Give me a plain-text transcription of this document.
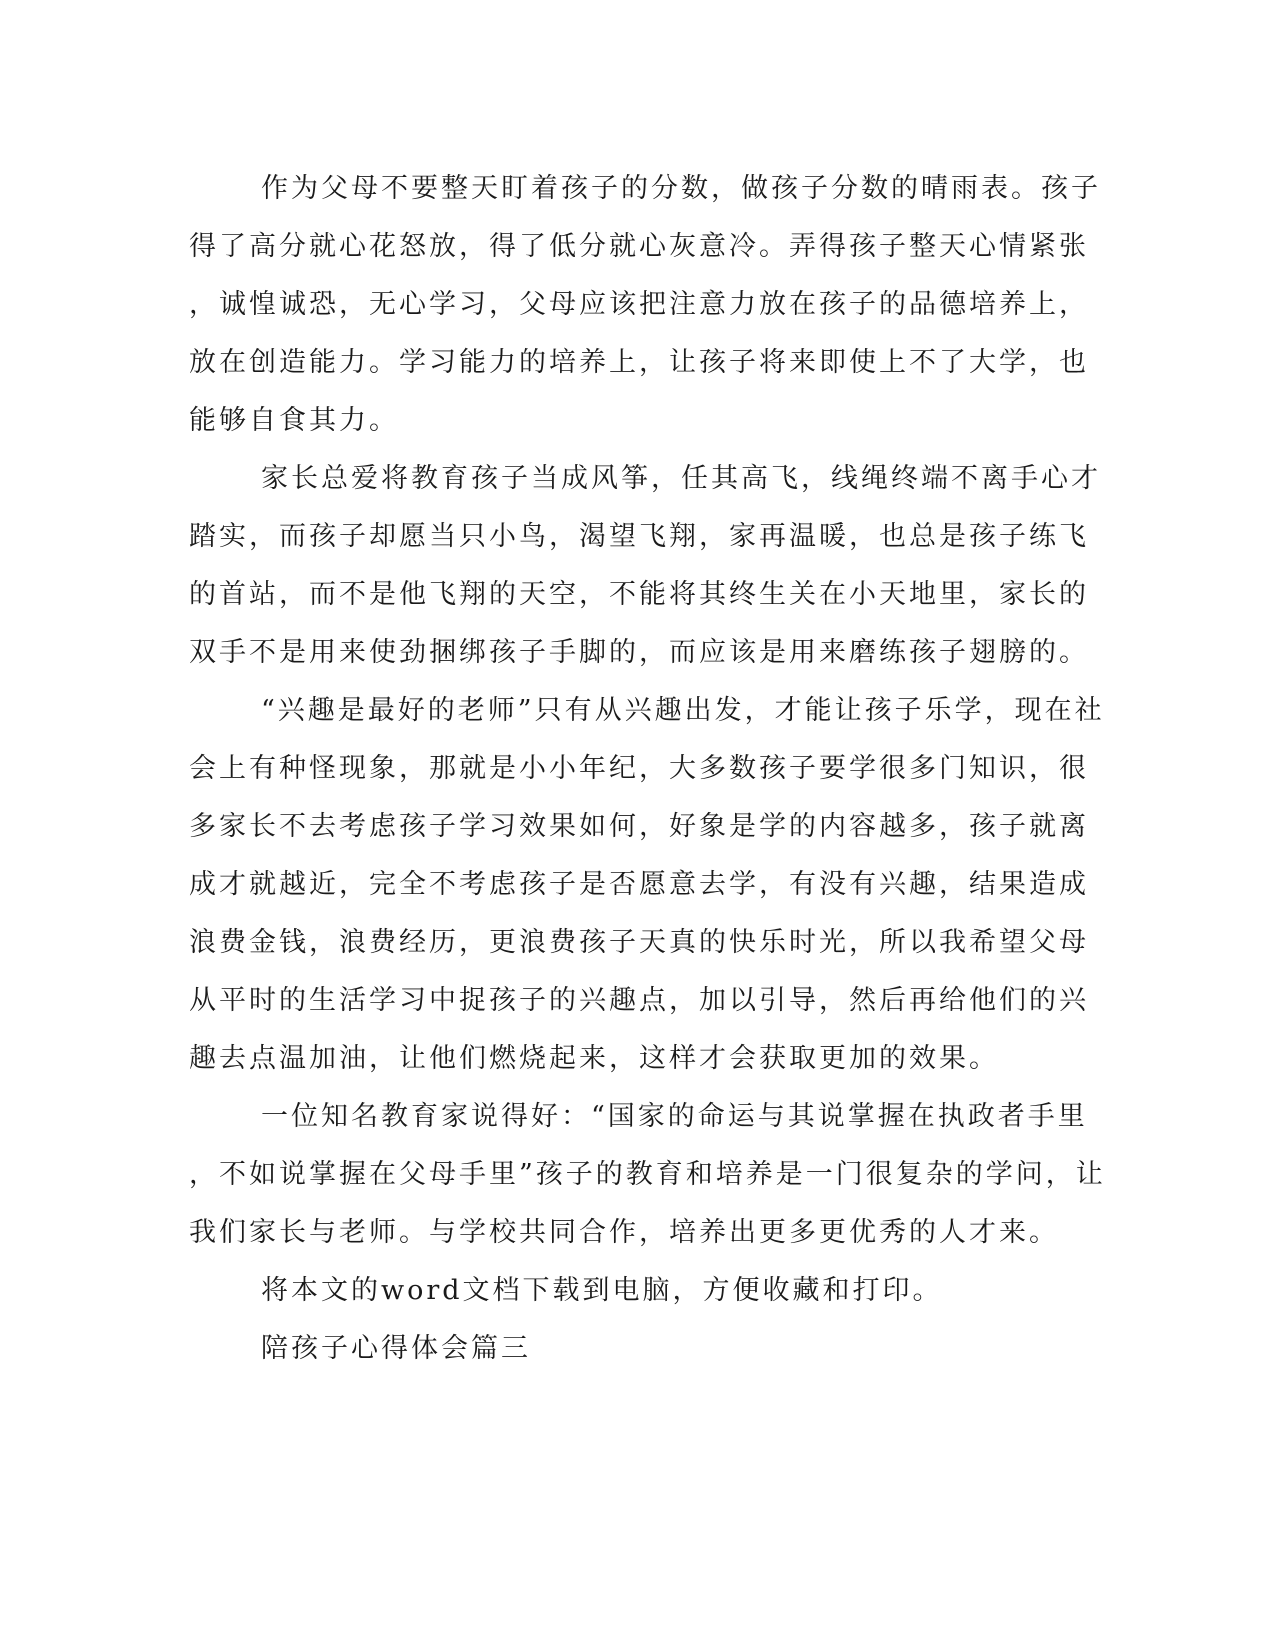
作为父母不要整天盯着孩子的分数，做孩子分数的晴雨表。孩子
得了高分就心花怒放，得了低分就心灰意冷。弄得孩子整天心情紧张
，诚惶诚恐，无心学习，父母应该把注意力放在孩子的品德培养上，
放在创造能力。学习能力的培养上，让孩子将来即使上不了大学，也
能够自食其力。
家长总爱将教育孩子当成风筝，任其高飞，线绳终端不离手心才
踏实，而孩子却愿当只小鸟，渴望飞翔，家再温暖，也总是孩子练飞
的首站，而不是他飞翔的天空，不能将其终生关在小天地里，家长的
双手不是用来使劲捆绑孩子手脚的，而应该是用来磨练孩子翅膀的。
“兴趣是最好的老师”只有从兴趣出发，才能让孩子乐学，现在社
会上有种怪现象，那就是小小年纪，大多数孩子要学很多门知识，很
多家长不去考虑孩子学习效果如何，好象是学的内容越多，孩子就离
成才就越近，完全不考虑孩子是否愿意去学，有没有兴趣，结果造成
浪费金钱，浪费经历，更浪费孩子天真的快乐时光，所以我希望父母
从平时的生活学习中捉孩子的兴趣点，加以引导，然后再给他们的兴
趣去点温加油，让他们燃烧起来，这样才会获取更加的效果。
一位知名教育家说得好：“国家的命运与其说掌握在执政者手里
，不如说掌握在父母手里”孩子的教育和培养是一门很复杂的学问，让
我们家长与老师。与学校共同合作，培养出更多更优秀的人才来。
将本文的word文档下载到电脑，方便收藏和打印。
陪孩子心得体会篇三
